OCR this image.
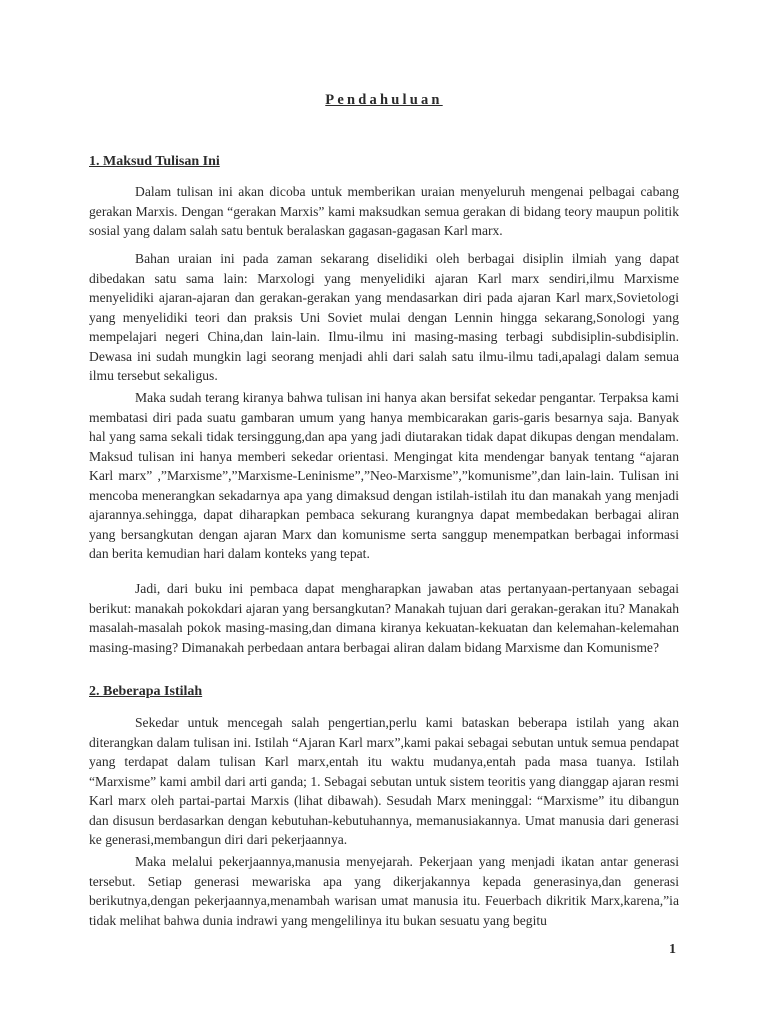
Pendahuluan
1. Maksud Tulisan Ini
Dalam tulisan ini akan dicoba untuk memberikan uraian menyeluruh mengenai pelbagai cabang gerakan Marxis. Dengan “gerakan Marxis” kami maksudkan semua gerakan di bidang teory maupun politik sosial yang dalam salah satu bentuk beralaskan gagasan-gagasan Karl marx.
Bahan uraian ini pada zaman sekarang diselidiki oleh berbagai disiplin ilmiah yang dapat dibedakan satu sama lain: Marxologi yang menyelidiki ajaran Karl marx sendiri,ilmu Marxisme menyelidiki ajaran-ajaran dan gerakan-gerakan yang mendasarkan diri pada ajaran Karl marx,Sovietologi yang menyelidiki teori dan praksis Uni Soviet mulai dengan Lennin hingga sekarang,Sonologi yang mempelajari negeri China,dan lain-lain. Ilmu-ilmu ini masing-masing terbagi subdisiplin-subdisiplin. Dewasa ini sudah mungkin lagi seorang menjadi ahli dari salah satu ilmu-ilmu tadi,apalagi dalam semua ilmu tersebut sekaligus.
Maka sudah terang kiranya bahwa tulisan ini hanya akan bersifat sekedar pengantar. Terpaksa kami membatasi diri pada suatu gambaran umum yang hanya membicarakan garis-garis besarnya saja. Banyak hal yang sama sekali tidak tersinggung,dan apa yang jadi diutarakan tidak dapat dikupas dengan mendalam. Maksud tulisan ini hanya memberi sekedar orientasi. Mengingat kita mendengar banyak tentang “ajaran Karl marx” ,”Marxisme”,”Marxisme-Leninisme”,”Neo-Marxisme”,”komunisme”,dan lain-lain. Tulisan ini mencoba menerangkan sekadarnya apa yang dimaksud dengan istilah-istilah itu dan manakah yang menjadi ajarannya.sehingga, dapat diharapkan pembaca sekurang kurangnya dapat membedakan berbagai aliran yang bersangkutan dengan ajaran Marx dan komunisme serta sanggup menempatkan berbagai informasi dan berita kemudian hari dalam konteks yang tepat.
Jadi, dari buku ini pembaca dapat mengharapkan jawaban atas pertanyaan-pertanyaan sebagai berikut: manakah pokokdari ajaran yang bersangkutan? Manakah tujuan dari gerakan-gerakan itu? Manakah masalah-masalah pokok masing-masing,dan dimana kiranya kekuatan-kekuatan dan kelemahan-kelemahan masing-masing? Dimanakah perbedaan antara berbagai aliran dalam bidang Marxisme dan Komunisme?
2. Beberapa Istilah
Sekedar untuk mencegah salah pengertian,perlu kami bataskan beberapa istilah yang akan diterangkan dalam tulisan ini. Istilah “Ajaran Karl marx”,kami pakai sebagai sebutan untuk semua pendapat yang terdapat dalam tulisan Karl marx,entah itu waktu mudanya,entah pada masa tuanya. Istilah “Marxisme” kami ambil dari arti ganda; 1. Sebagai sebutan untuk sistem teoritis yang dianggap ajaran resmi Karl marx oleh partai-partai Marxis (lihat dibawah). Sesudah Marx meninggal: “Marxisme” itu dibangun dan disusun berdasarkan dengan kebutuhan-kebutuhannya, memanusiakannya. Umat manusia dari generasi ke generasi,membangun diri dari pekerjaannya.
Maka melalui pekerjaannya,manusia menyejarah. Pekerjaan yang menjadi ikatan antar generasi tersebut. Setiap generasi mewariska apa yang dikerjakannya kepada generasinya,dan generasi berikutnya,dengan pekerjaannya,menambah warisan umat manusia itu. Feuerbach dikritik Marx,karena,”ia tidak melihat bahwa dunia indrawi yang mengelilinya itu bukan sesuatu yang begitu
1
